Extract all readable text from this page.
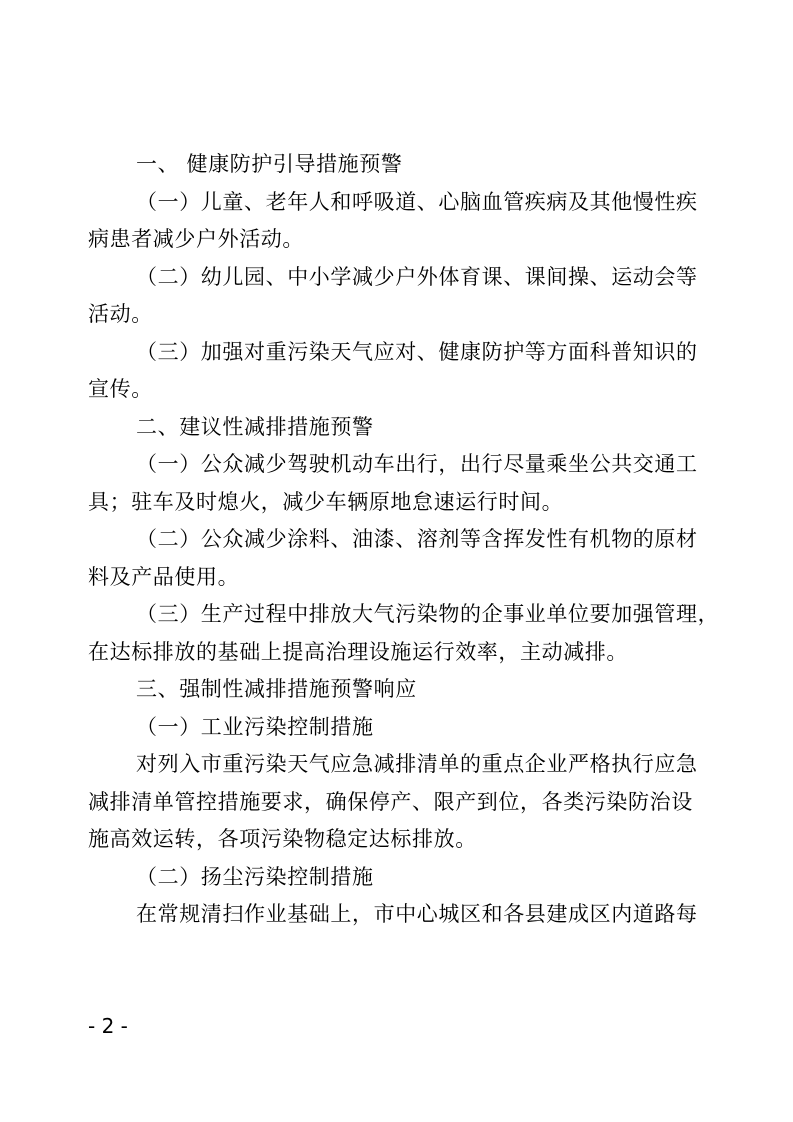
一、 健康防护引导措施预警
（一）儿童、老年人和呼吸道、心脑血管疾病及其他慢性疾
病患者减少户外活动。
（二）幼儿园、中小学减少户外体育课、课间操、运动会等
活动。
（三）加强对重污染天气应对、健康防护等方面科普知识的
宣传。
二、建议性减排措施预警
（一）公众减少驾驶机动车出行，出行尽量乘坐公共交通工
具；驻车及时熄火，减少车辆原地怠速运行时间。
（二）公众减少涂料、油漆、溶剂等含挥发性有机物的原材
料及产品使用。
（三）生产过程中排放大气污染物的企事业单位要加强管理，
在达标排放的基础上提高治理设施运行效率，主动减排。
三、强制性减排措施预警响应
（一）工业污染控制措施
对列入市重污染天气应急减排清单的重点企业严格执行应急
减排清单管控措施要求，确保停产、限产到位，各类污染防治设
施高效运转，各项污染物稳定达标排放。
（二）扬尘污染控制措施
在常规清扫作业基础上，市中心城区和各县建成区内道路每
- 2 -
